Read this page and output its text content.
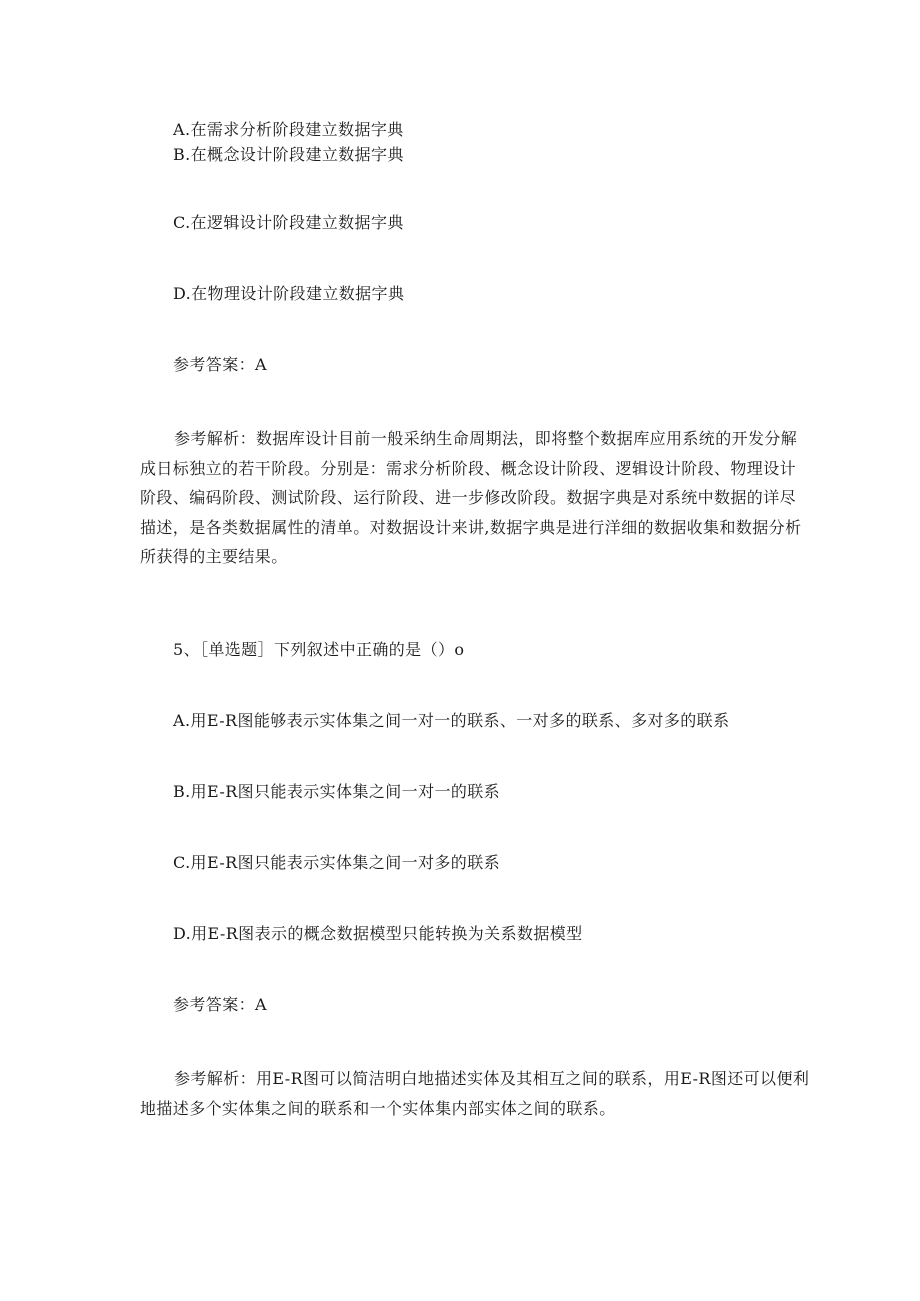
A.在需求分析阶段建立数据字典
B.在概念设计阶段建立数据字典
C.在逻辑设计阶段建立数据字典
D.在物理设计阶段建立数据字典
参考答案：A
参考解析：数据库设计目前一般采纳生命周期法，即将整个数据库应用系统的开发分解成日标独立的若干阶段。分别是：需求分析阶段、概念设计阶段、逻辑设计阶段、物理设计阶段、编码阶段、测试阶段、运行阶段、进一步修改阶段。数据字典是对系统中数据的详尽描述，是各类数据属性的清单。对数据设计来讲,数据字典是进行洋细的数据收集和数据分析所获得的主要结果。
5、［单选题］下列叙述中正确的是（）o
A.用E-R图能够表示实体集之间一对一的联系、一对多的联系、多对多的联系
B.用E-R图只能表示实体集之间一对一的联系
C.用E-R图只能表示实体集之间一对多的联系
D.用E-R图表示的概念数据模型只能转换为关系数据模型
参考答案：A
参考解析：用E-R图可以简洁明白地描述实体及其相互之间的联系，用E-R图还可以便利地描述多个实体集之间的联系和一个实体集内部实体之间的联系。
